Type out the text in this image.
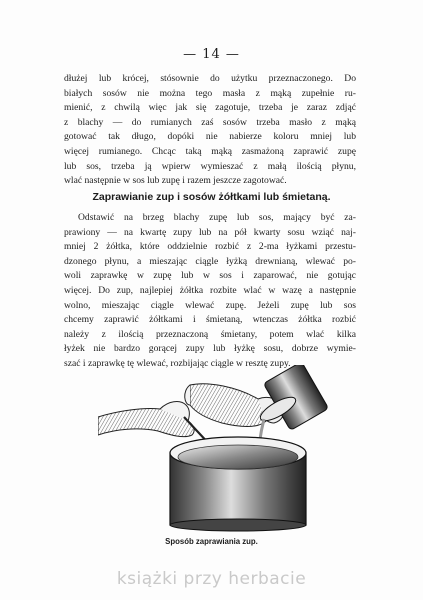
— 14 —
dłużej lub krócej, stósownie do użytku przeznaczonego. Do
białych sosów nie można tego masła z mąką zupełnie ru-
mienić, z chwilą więc jak się zagotuje, trzeba je zaraz zdjąć
z blachy — do rumianych zaś sosów trzeba masło z mąką
gotować tak długo, dopóki nie nabierze koloru mniej lub
więcej rumianego. Chcąc taką mąką zasmażoną zaprawić zupę
lub sos, trzeba ją wpierw wymieszać z małą ilością płynu,
wlać następnie w sos lub zupę i razem jeszcze zagotować.
Zaprawianie zup i sosów żółtkami lub śmietaną.
Odstawić na brzeg blachy zupę lub sos, mający być za-
prawiony — na kwartę zupy lub na pół kwarty sosu wziąć naj-
mniej 2 żółtka, które oddzielnie rozbić z 2-ma łyżkami przestu-
dzonego płynu, a mieszając ciągle łyżką drewnianą, wlewać po-
woli zaprawkę w zupę lub w sos i zaparować, nie gotując
więcej. Do zup, najlepiej żółtka rozbite wlać w wazę a następnie
wolno, mieszając ciągle wlewać zupę. Jeżeli zupę lub sos
chcemy zaprawić żółtkami i śmietaną, wtenczas żółtka rozbić
należy z ilością przeznaczoną śmietany, potem wlać kilka
łyżek nie bardzo gorącej zupy lub łyżkę sosu, dobrze wymie-
szać i zaprawkę tę wlewać, rozbijając ciągle w resztę zupy.
Sposób zaprawiania zup.
książki przy herbacie
